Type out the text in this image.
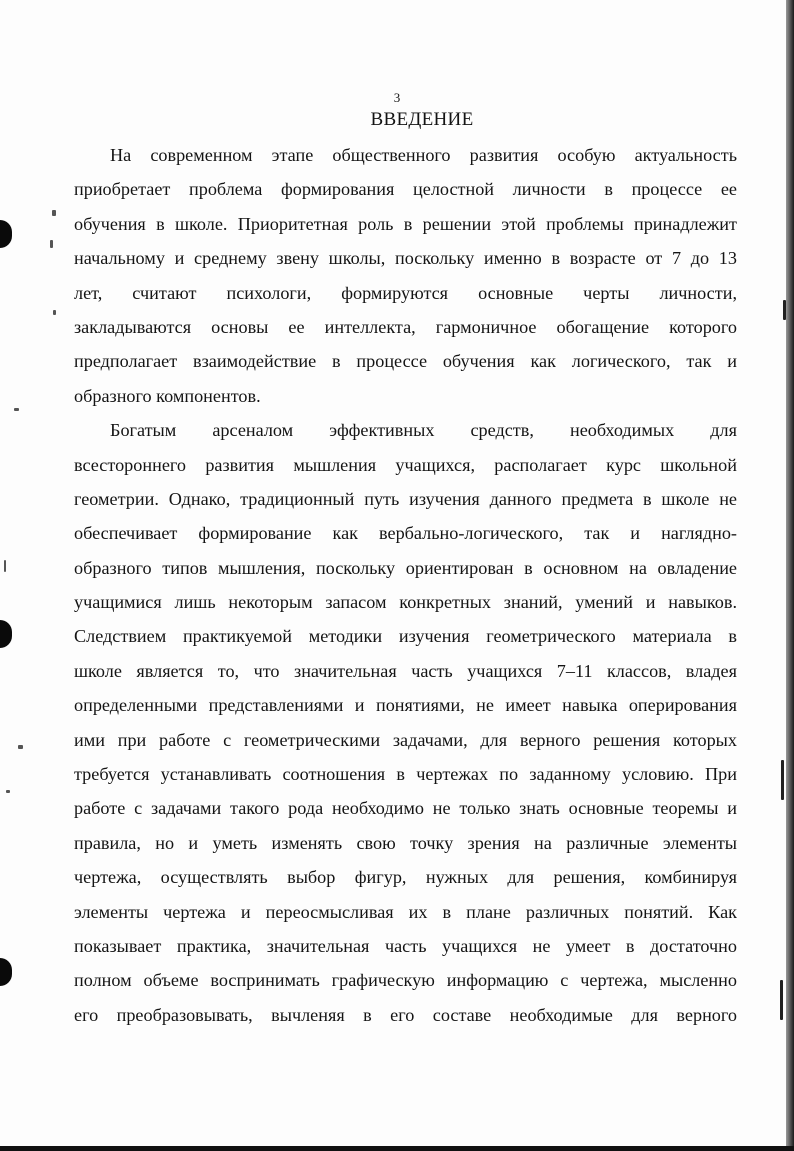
3
ВВЕДЕНИЕ

На современном этапе общественного развития особую актуальность
приобретает проблема формирования целостной личности в процессе ее
обучения в школе. Приоритетная роль в решении этой проблемы принадлежит
начальному и среднему звену школы, поскольку именно в возрасте от 7 до 13
лет, считают психологи, формируются основные черты личности,
закладываются основы ее интеллекта, гармоничное обогащение которого
предполагает взаимодействие в процессе обучения как логического, так и
образного компонентов.

Богатым арсеналом эффективных средств, необходимых для
всестороннего развития мышления учащихся, располагает курс школьной
геометрии. Однако, традиционный путь изучения данного предмета в школе не
обеспечивает формирование как вербально-логического, так и наглядно-
образного типов мышления, поскольку ориентирован в основном на овладение
учащимися лишь некоторым запасом конкретных знаний, умений и навыков.
Следствием практикуемой методики изучения геометрического материала в
школе является то, что значительная часть учащихся 7–11 классов, владея
определенными представлениями и понятиями, не имеет навыка оперирования
ими при работе с геометрическими задачами, для верного решения которых
требуется устанавливать соотношения в чертежах по заданному условию. При
работе с задачами такого рода необходимо не только знать основные теоремы и
правила, но и уметь изменять свою точку зрения на различные элементы
чертежа, осуществлять выбор фигур, нужных для решения, комбинируя
элементы чертежа и переосмысливая их в плане различных понятий. Как
показывает практика, значительная часть учащихся не умеет в достаточно
полном объеме воспринимать графическую информацию с чертежа, мысленно
его преобразовывать, вычленяя в его составе необходимые для верного
